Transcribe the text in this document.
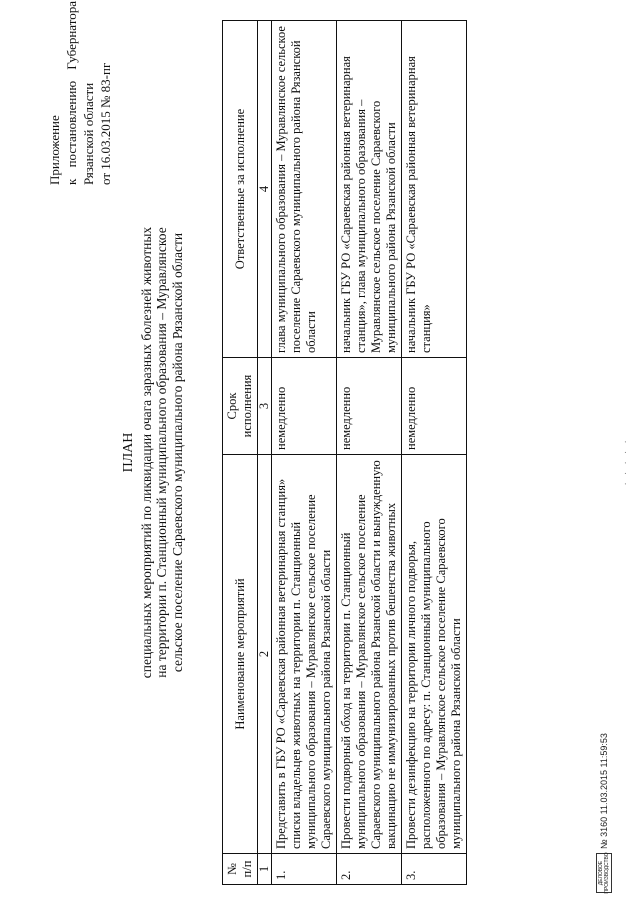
Приложение к постановлению Губернатора Рязанской области от 16.03.2015 № 83-пг
ПЛАН специальных мероприятий по ликвидации очага заразных болезней животных на территории п. Станционный муниципального образования – Муравлянское сельское поселение Сараевского муниципального района Рязанской области
№ п/п	Наименование мероприятий	Срок исполнения	Ответственные за исполнение
1	2	3	4
1.	Представить в ГБУ РО «Сараевская районная ветеринарная станция» списки владельцев животных на территории п. Станционный муниципального образования – Муравлянское сельское поселение Сараевского муниципального района Рязанской области	немедленно	глава муниципального образования – Муравлянское сельское поселение Сараевского муниципального района Рязанской области
2.	Провести подворный обход на территории п. Станционный муниципального образования – Муравлянское сельское поселение Сараевского муниципального района Рязанской области и вынужденную вакцинацию не иммунизированных против бешенства животных	немедленно	начальник ГБУ РО «Сараевская районная ветеринарная станция», глава муниципального образования – Муравлянское сельское поселение Сараевского муниципального района Рязанской области
3.	Провести дезинфекцию на территории личного подворья, расположенного по адресу: п. Станционный муниципального образования – Муравлянское сельское поселение Сараевского муниципального района Рязанской области	немедленно	начальник ГБУ РО «Сараевская районная ветеринарная станция»
ДЕЛОВОЕ ПРОИЗВОДСТВО
№ 3160 11.03.2015 11:59:53
. . . . .
